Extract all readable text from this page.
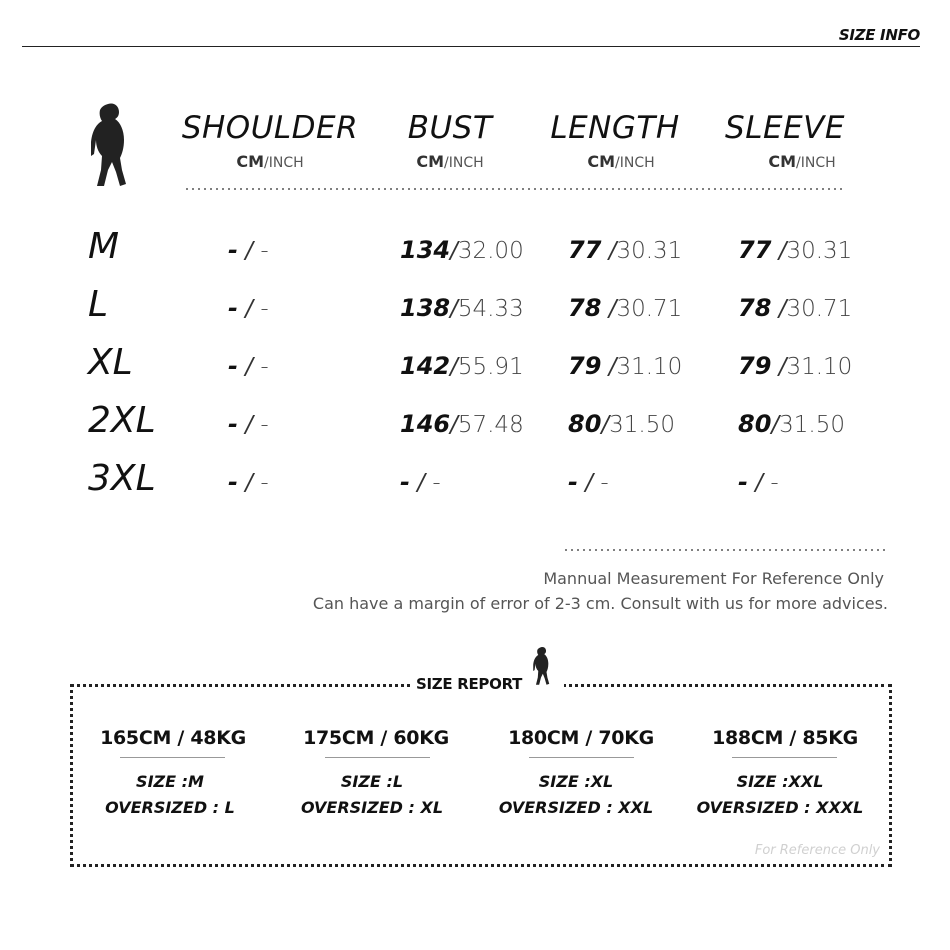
SIZE INFO
SHOULDER	BUST	LENGTH	SLEEVE
CM/INCH	CM/INCH	CM/INCH	CM/INCH
M	- / -	134/32.00	77 /30.31	77 /30.31
L	- / -	138/54.33	78 /30.71	78 /30.71
XL	- / -	142/55.91	79 /31.10	79 /31.10
2XL	- / -	146/57.48	80/31.50	80/31.50
3XL	- / -	- / -	- / -	- / -
Mannual Measurement For Reference Only
Can have a margin of error of 2-3 cm. Consult with us for more advices.
SIZE REPORT
165CM / 48KG
SIZE :M
OVERSIZED : L
175CM / 60KG
SIZE :L
OVERSIZED : XL
180CM / 70KG
SIZE :XL
OVERSIZED : XXL
188CM / 85KG
SIZE :XXL
OVERSIZED : XXXL
For Reference Only
